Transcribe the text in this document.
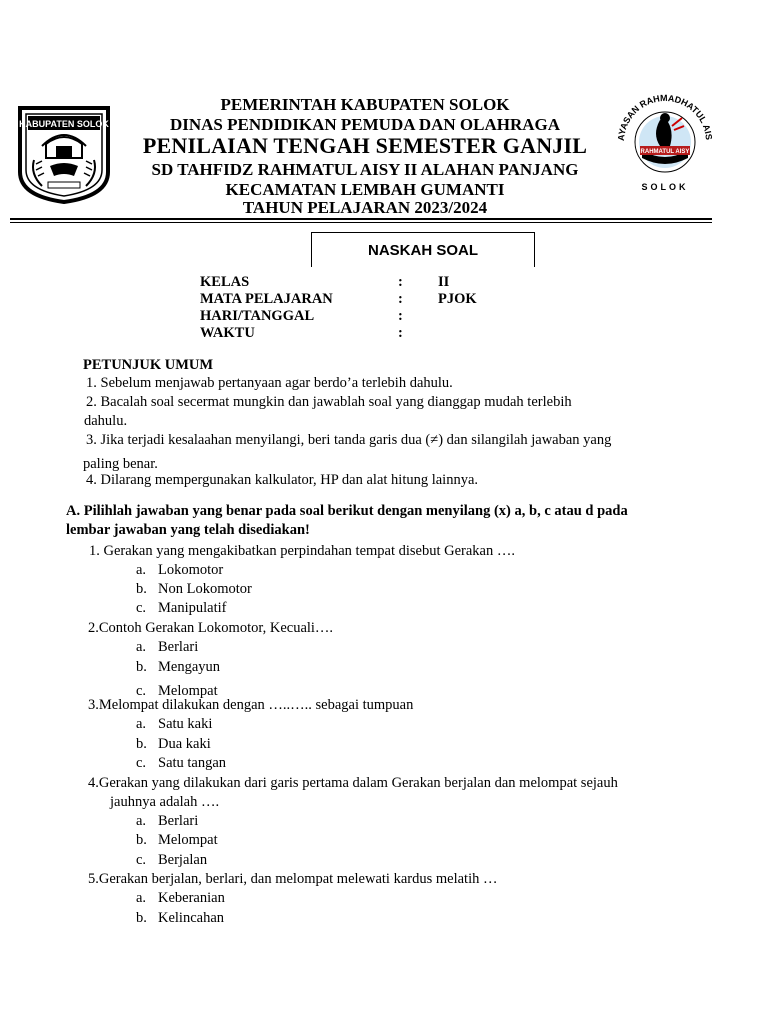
KABUPATEN SOLOK
PEMERINTAH KABUPATEN SOLOK
DINAS PENDIDIKAN PEMUDA DAN OLAHRAGA
PENILAIAN TENGAH SEMESTER GANJIL
SD TAHFIDZ RAHMATUL AISY II ALAHAN PANJANG
KECAMATAN LEMBAH GUMANTI
TAHUN PELAJARAN 2023/2024
AYASAN RAHMADHATUL AIS
RAHMATUL AISY
SOLOK
NASKAH SOAL
KELAS	: II
MATA PELAJARAN	: PJOK
HARI/TANGGAL	:
WAKTU	:
PETUNJUK UMUM
1. Sebelum menjawab pertanyaan agar berdo’a terlebih dahulu.
2. Bacalah soal secermat mungkin dan jawablah soal yang dianggap mudah terlebih
dahulu.
3. Jika terjadi kesalaahan menyilangi, beri tanda garis dua (≠) dan silangilah jawaban yang
paling benar.
4. Dilarang mempergunakan kalkulator, HP dan alat hitung lainnya.
A. Pilihlah jawaban yang benar pada soal berikut dengan menyilang (x) a, b, c atau d pada
lembar jawaban yang telah disediakan!
1. Gerakan yang mengakibatkan perpindahan tempat disebut Gerakan ….
a. Lokomotor
b. Non Lokomotor
c. Manipulatif
2.Contoh Gerakan Lokomotor, Kecuali….
a. Berlari
b. Mengayun
c. Melompat
3.Melompat dilakukan dengan …..….. sebagai tumpuan
a. Satu kaki
b. Dua kaki
c. Satu tangan
4.Gerakan yang dilakukan dari garis pertama dalam Gerakan berjalan dan melompat sejauh
jauhnya adalah ….
a. Berlari
b. Melompat
c. Berjalan
5.Gerakan berjalan, berlari, dan melompat melewati kardus melatih …
a. Keberanian
b. Kelincahan
